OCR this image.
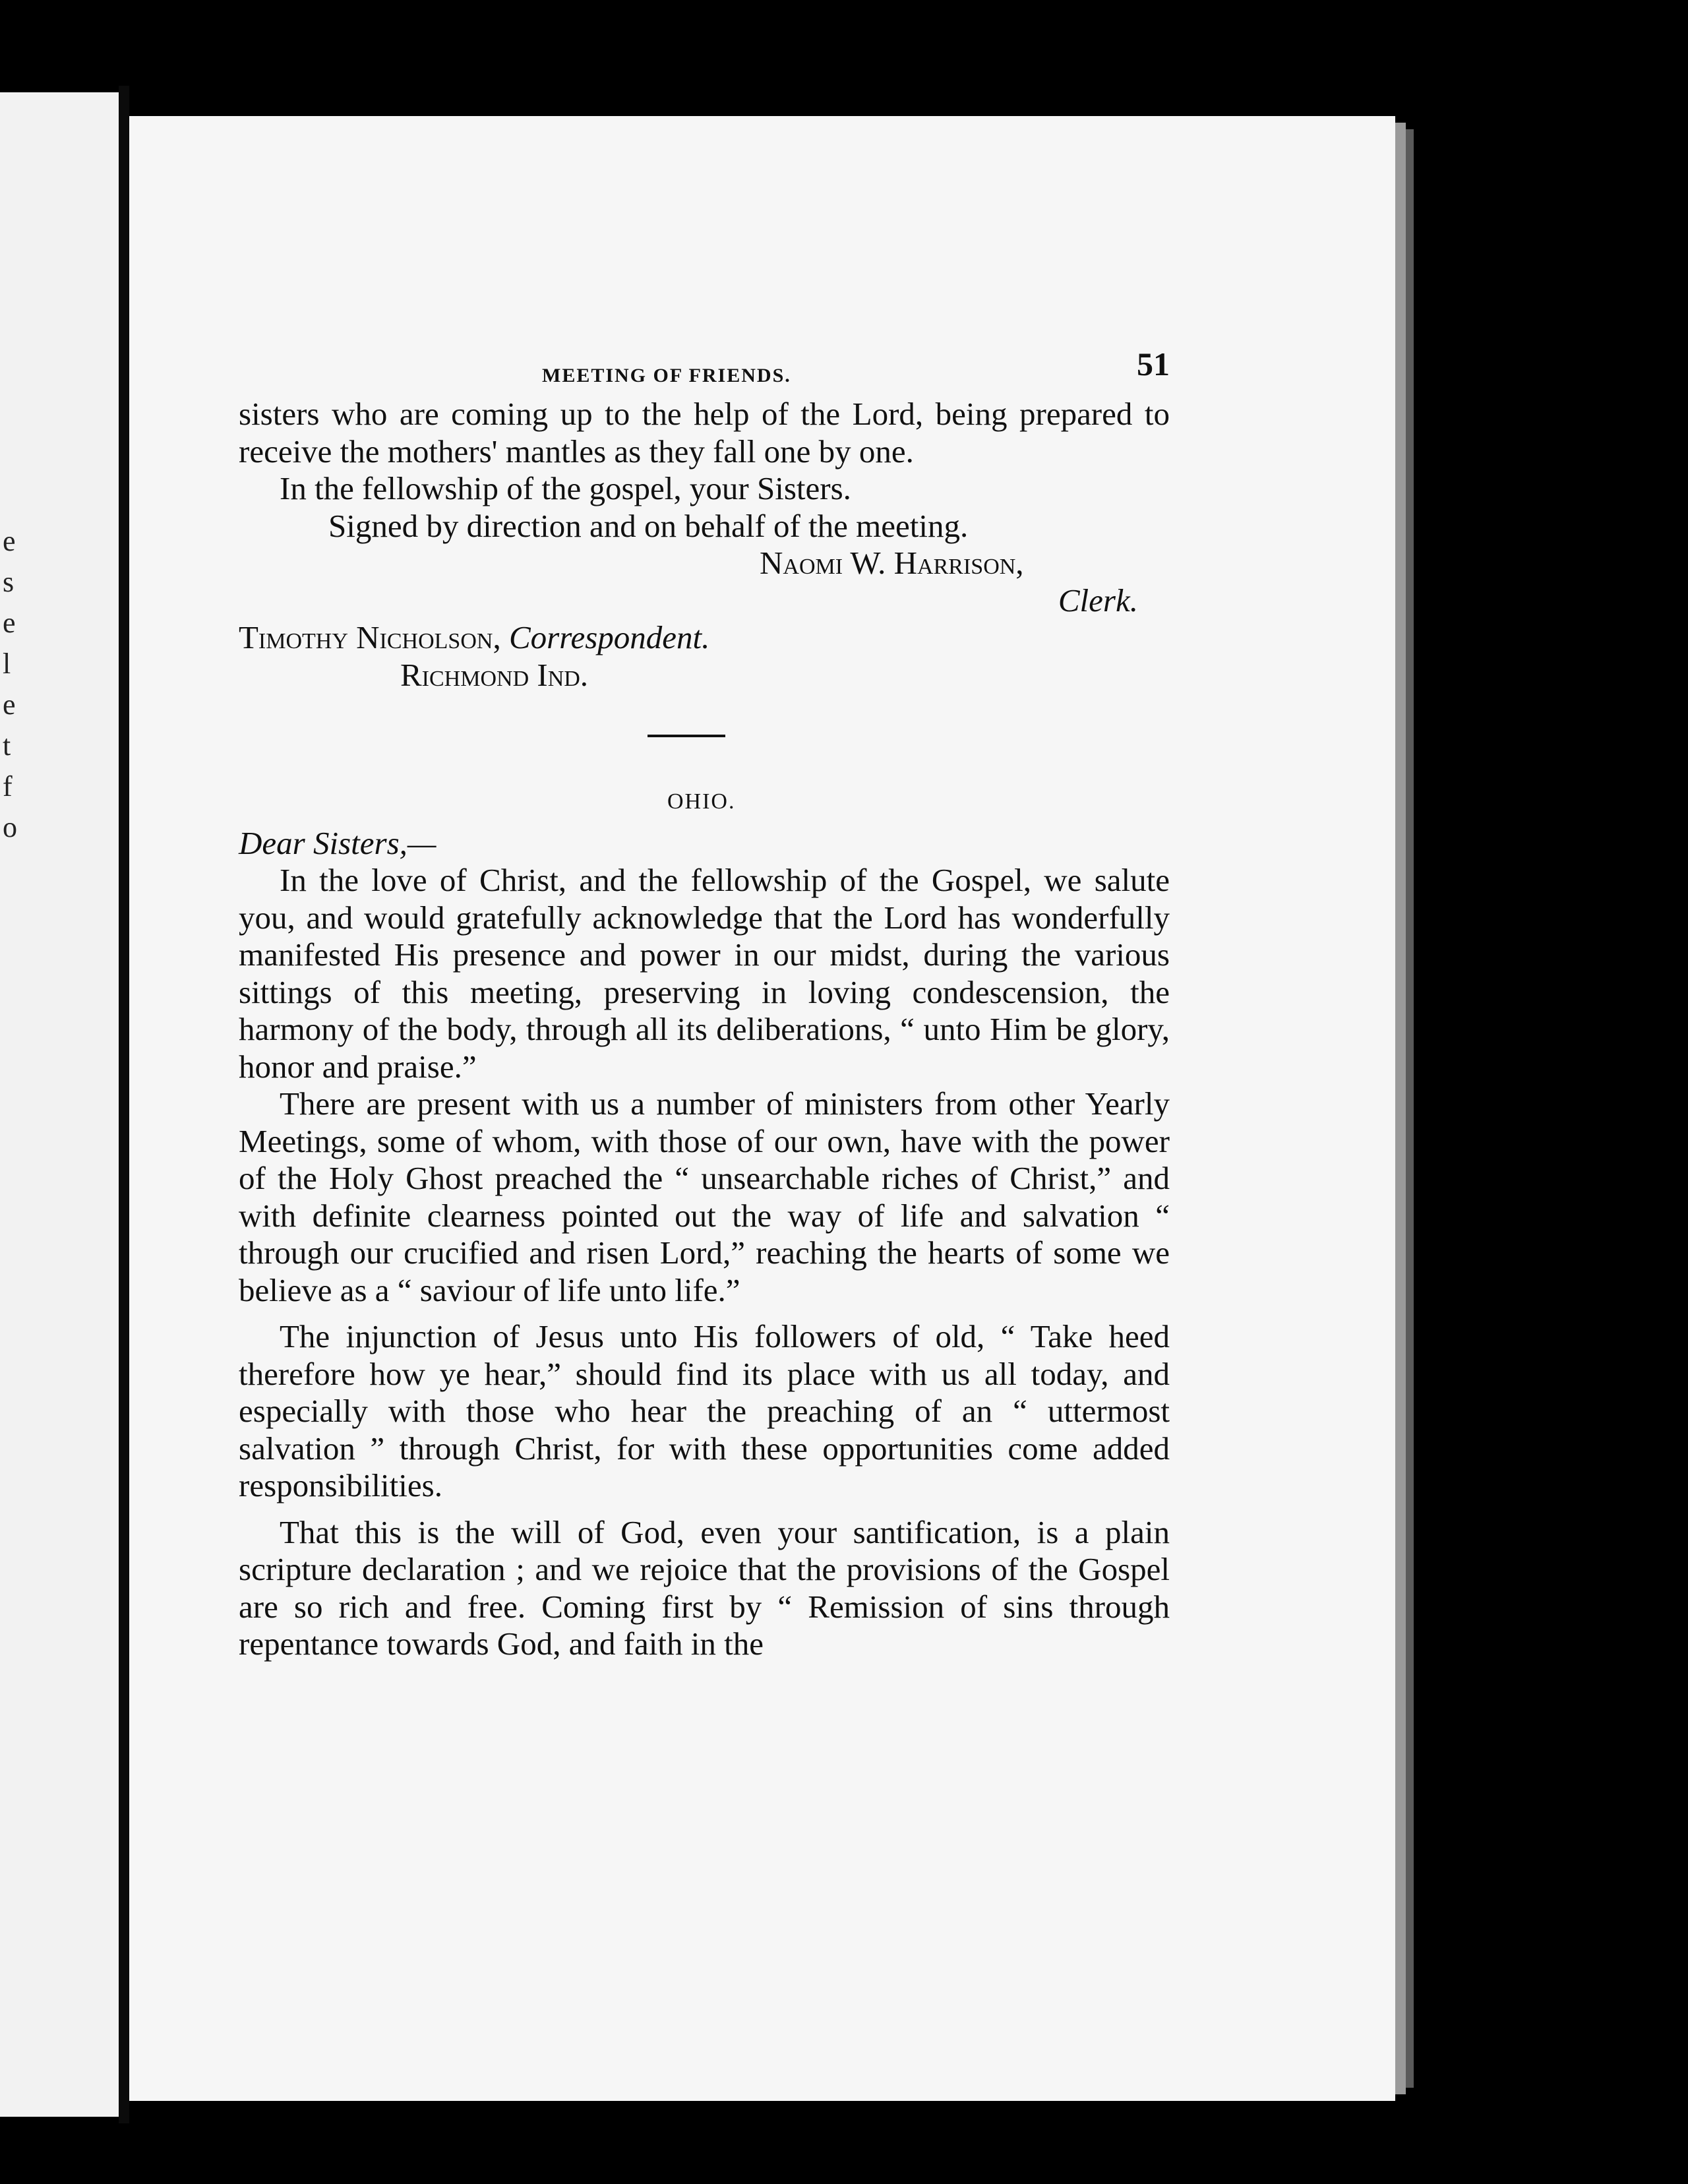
e
s
e
l
e
t
f
o
MEETING OF FRIENDS.	51

sisters who are coming up to the help of the Lord, being prepared to receive the mothers' mantles as they fall one by one.

In the fellowship of the gospel, your Sisters.

Signed by direction and on behalf of the meeting.

Naomi W. Harrison,

Clerk.

Timothy Nicholson, Correspondent.

Richmond Ind.

OHIO.

Dear Sisters,—

In the love of Christ, and the fellowship of the Gospel, we salute you, and would gratefully acknowledge that the Lord has wonderfully manifested His presence and power in our midst, during the various sittings of this meeting, preserving in loving condescension, the harmony of the body, through all its deliberations, “ unto Him be glory, honor and praise.”

There are present with us a number of ministers from other Yearly Meetings, some of whom, with those of our own, have with the power of the Holy Ghost preached the “ unsearchable riches of Christ,” and with definite clearness pointed out the way of life and salvation “ through our crucified and risen Lord,” reaching the hearts of some we believe as a “ saviour of life unto life.”

The injunction of Jesus unto His followers of old, “ Take heed therefore how ye hear,” should find its place with us all today, and especially with those who hear the preaching of an “ uttermost salvation ” through Christ, for with these opportunities come added responsibilities.

That this is the will of God, even your santification, is a plain scripture declaration ; and we rejoice that the provisions of the Gospel are so rich and free. Coming first by “ Remission of sins through repentance towards God, and faith in the
